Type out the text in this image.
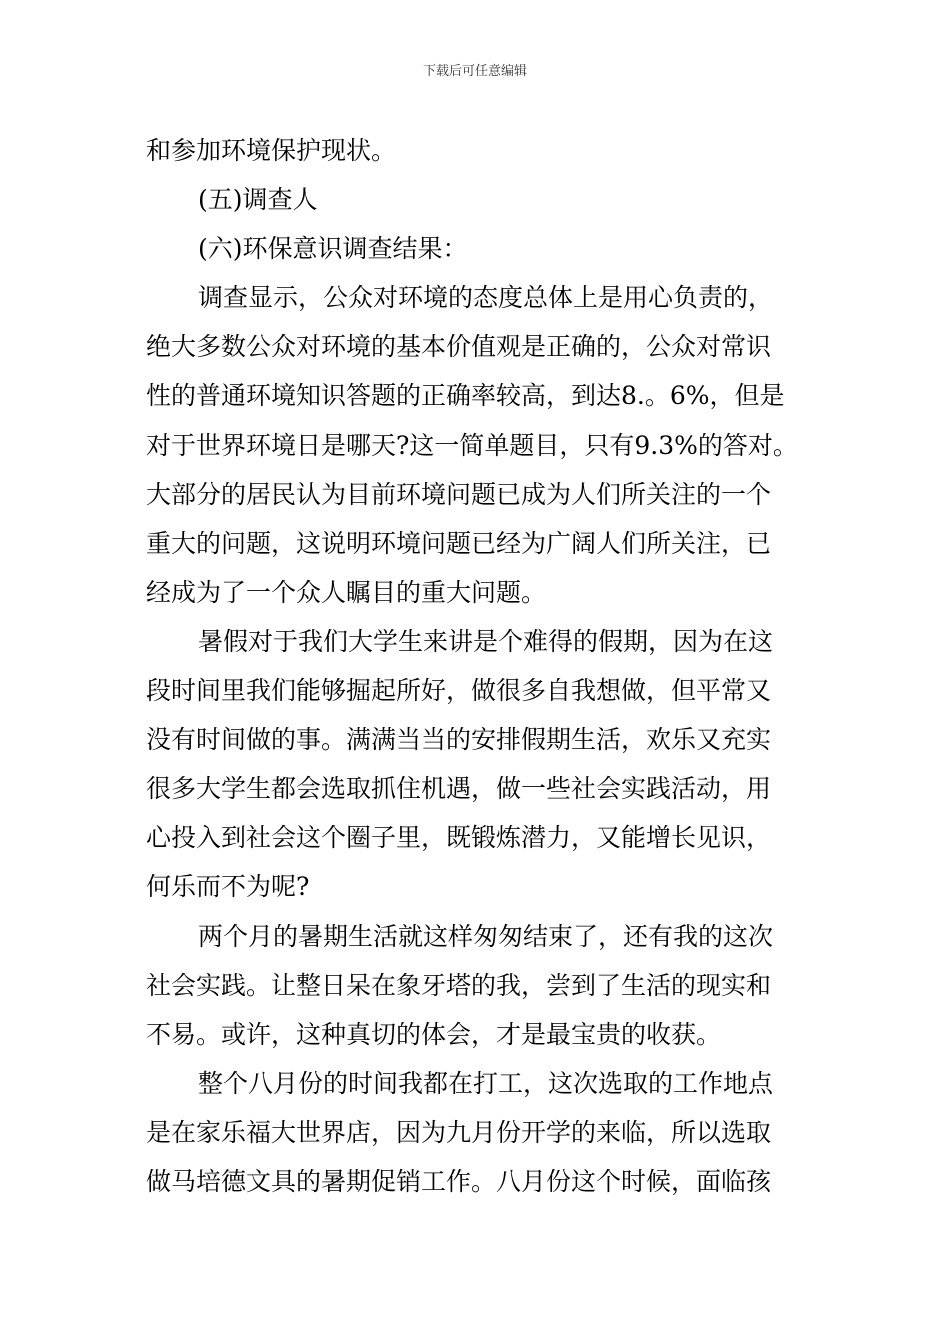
下载后可任意编辑
和参加环境保护现状。
(五)调查人
(六)环保意识调查结果：
调查显示，公众对环境的态度总体上是用心负责的，
绝大多数公众对环境的基本价值观是正确的，公众对常识
性的普通环境知识答题的正确率较高，到达8.。6%，但是
对于世界环境日是哪天?这一简单题目，只有9.3%的答对。
大部分的居民认为目前环境问题已成为人们所关注的一个
重大的问题，这说明环境问题已经为广阔人们所关注，已
经成为了一个众人瞩目的重大问题。
暑假对于我们大学生来讲是个难得的假期，因为在这
段时间里我们能够掘起所好，做很多自我想做，但平常又
没有时间做的事。满满当当的安排假期生活，欢乐又充实
很多大学生都会选取抓住机遇，做一些社会实践活动，用
心投入到社会这个圈子里，既锻炼潜力，又能增长见识，
何乐而不为呢?
两个月的暑期生活就这样匆匆结束了，还有我的这次
社会实践。让整日呆在象牙塔的我，尝到了生活的现实和
不易。或许，这种真切的体会，才是最宝贵的收获。
整个八月份的时间我都在打工，这次选取的工作地点
是在家乐福大世界店，因为九月份开学的来临，所以选取
做马培德文具的暑期促销工作。八月份这个时候，面临孩
